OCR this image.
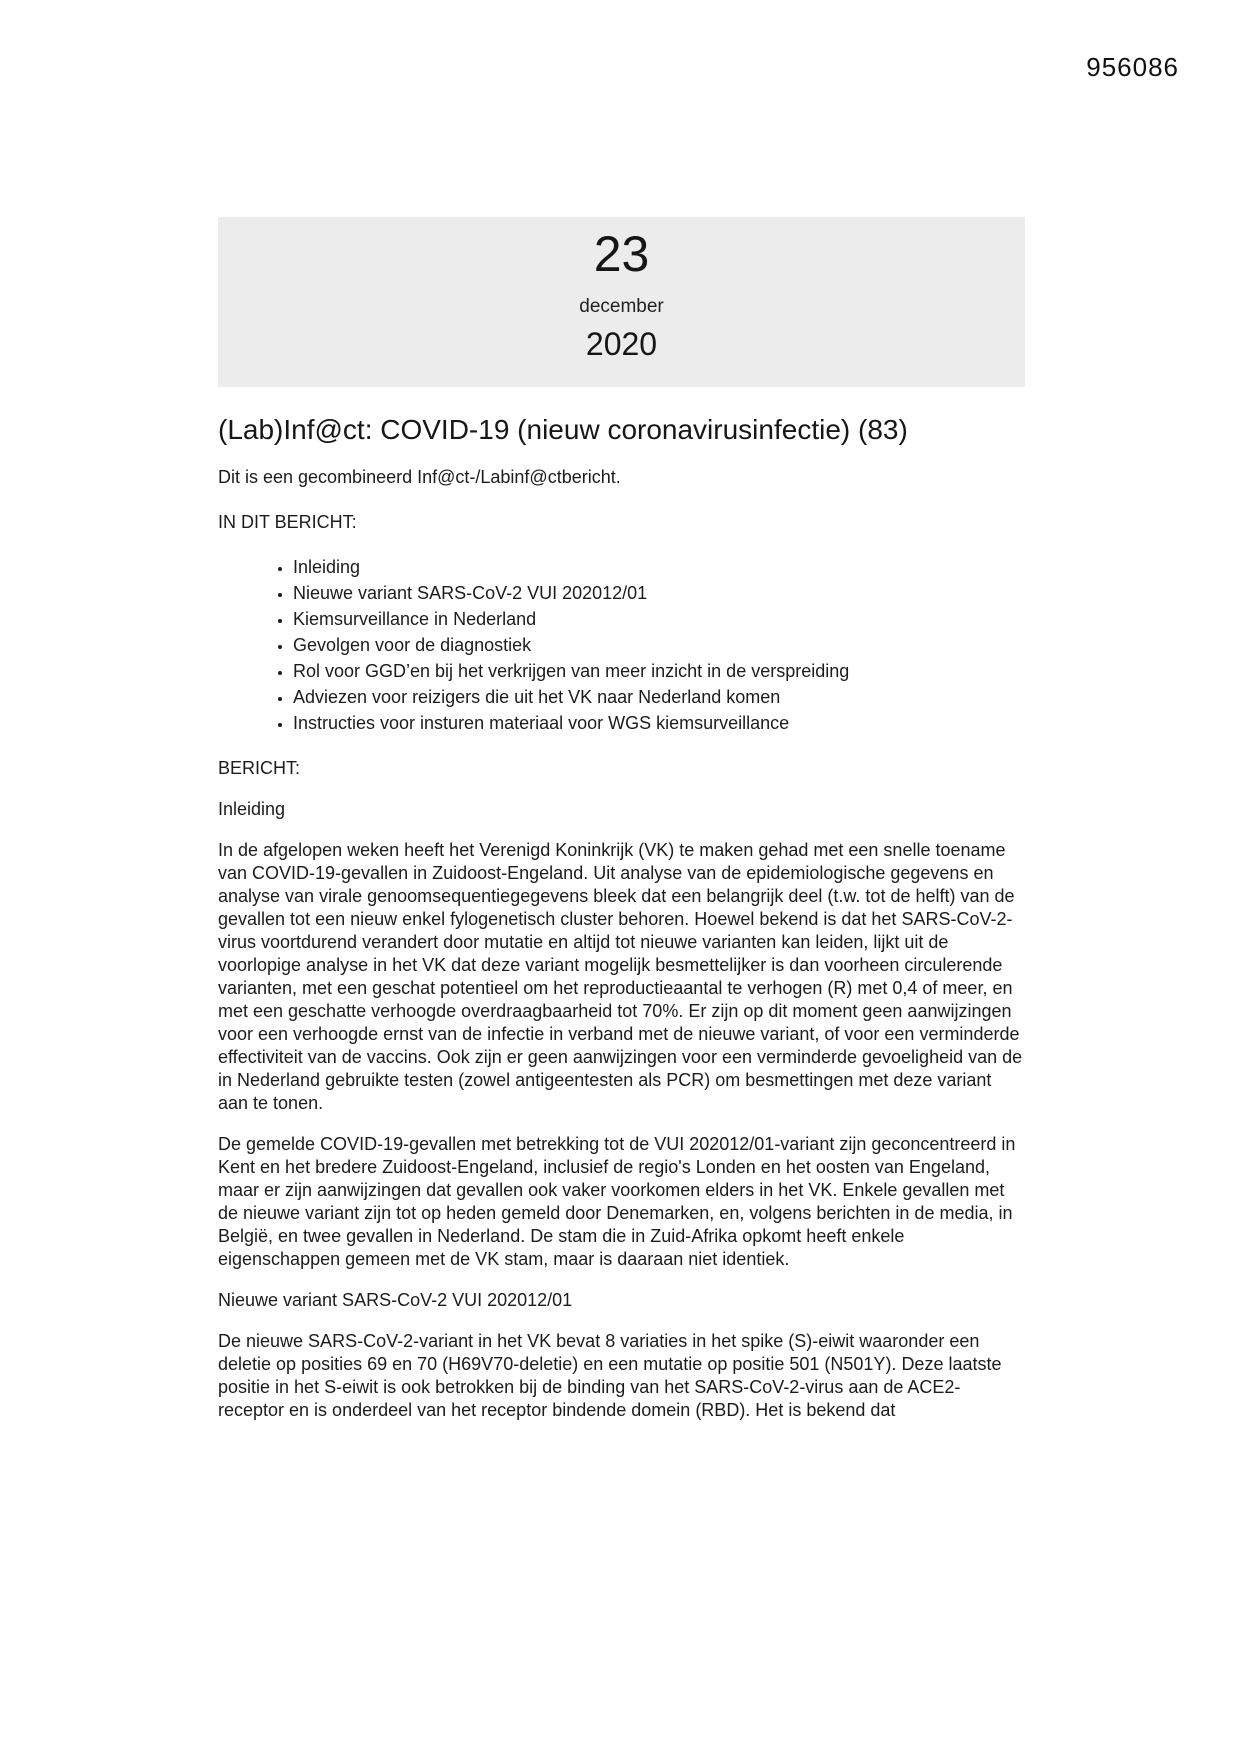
956086
23
december
2020
(Lab)Inf@ct: COVID-19 (nieuw coronavirusinfectie) (83)

Dit is een gecombineerd Inf@ct-/Labinf@ctbericht.

IN DIT BERICHT:

• Inleiding
• Nieuwe variant SARS-CoV-2 VUI 202012/01
• Kiemsurveillance in Nederland
• Gevolgen voor de diagnostiek
• Rol voor GGD’en bij het verkrijgen van meer inzicht in de verspreiding
• Adviezen voor reizigers die uit het VK naar Nederland komen
• Instructies voor insturen materiaal voor WGS kiemsurveillance

BERICHT:

Inleiding

In de afgelopen weken heeft het Verenigd Koninkrijk (VK) te maken gehad met een snelle toename van COVID-19-gevallen in Zuidoost-Engeland. Uit analyse van de epidemiologische gegevens en analyse van virale genoomsequentiegegevens bleek dat een belangrijk deel (t.w. tot de helft) van de gevallen tot een nieuw enkel fylogenetisch cluster behoren. Hoewel bekend is dat het SARS-CoV-2-virus voortdurend verandert door mutatie en altijd tot nieuwe varianten kan leiden, lijkt uit de voorlopige analyse in het VK dat deze variant mogelijk besmettelijker is dan voorheen circulerende varianten, met een geschat potentieel om het reproductieaantal te verhogen (R) met 0,4 of meer, en met een geschatte verhoogde overdraagbaarheid tot 70%. Er zijn op dit moment geen aanwijzingen voor een verhoogde ernst van de infectie in verband met de nieuwe variant, of voor een verminderde effectiviteit van de vaccins. Ook zijn er geen aanwijzingen voor een verminderde gevoeligheid van de in Nederland gebruikte testen (zowel antigeentesten als PCR) om besmettingen met deze variant aan te tonen.

De gemelde COVID-19-gevallen met betrekking tot de VUI 202012/01-variant zijn geconcentreerd in Kent en het bredere Zuidoost-Engeland, inclusief de regio's Londen en het oosten van Engeland, maar er zijn aanwijzingen dat gevallen ook vaker voorkomen elders in het VK. Enkele gevallen met de nieuwe variant zijn tot op heden gemeld door Denemarken, en, volgens berichten in de media, in België, en twee gevallen in Nederland. De stam die in Zuid-Afrika opkomt heeft enkele eigenschappen gemeen met de VK stam, maar is daaraan niet identiek.

Nieuwe variant SARS-CoV-2 VUI 202012/01

De nieuwe SARS-CoV-2-variant in het VK bevat 8 variaties in het spike (S)-eiwit waaronder een deletie op posities 69 en 70 (H69V70-deletie) en een mutatie op positie 501 (N501Y). Deze laatste positie in het S-eiwit is ook betrokken bij de binding van het SARS-CoV-2-virus aan de ACE2-receptor en is onderdeel van het receptor bindende domein (RBD). Het is bekend dat
